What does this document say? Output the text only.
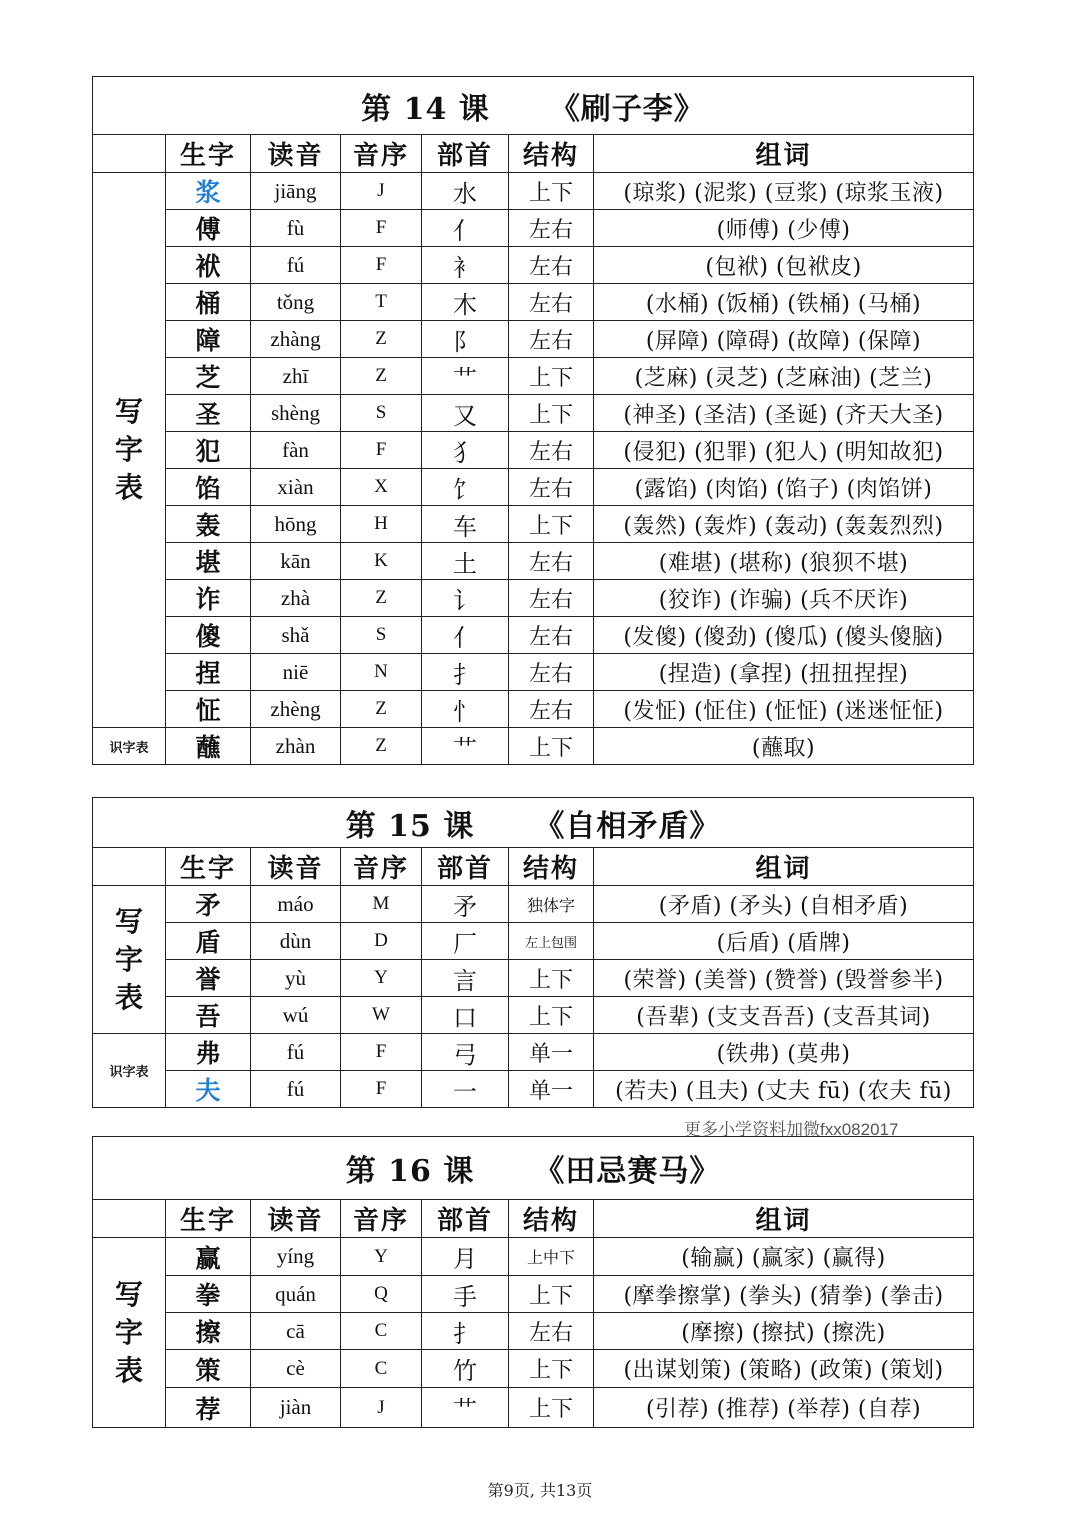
第 14 课 《刷子李》						
	生字	读音	音序	部首	结构	组词

写字表	浆	jiāng	J	水	上下	(琼浆) (泥浆) (豆浆) (琼浆玉液)
	傅	fù	F	亻	左右	(师傅) (少傅)
	袱	fú	F	衤	左右	(包袱) (包袱皮)
	桶	tǒng	T	木	左右	(水桶) (饭桶) (铁桶) (马桶)
	障	zhàng	Z	阝	左右	(屏障) (障碍) (故障) (保障)
	芝	zhī	Z	艹	上下	(芝麻) (灵芝) (芝麻油) (芝兰)
	圣	shèng	S	又	上下	(神圣) (圣洁) (圣诞) (齐天大圣)
	犯	fàn	F	犭	左右	(侵犯) (犯罪) (犯人) (明知故犯)
	馅	xiàn	X	饣	左右	(露馅) (肉馅) (馅子) (肉馅饼)
	轰	hōng	H	车	上下	(轰然) (轰炸) (轰动) (轰轰烈烈)
	堪	kān	K	土	左右	(难堪) (堪称) (狼狈不堪)
	诈	zhà	Z	讠	左右	(狡诈) (诈骗) (兵不厌诈)
	傻	shǎ	S	亻	左右	(发傻) (傻劲) (傻瓜) (傻头傻脑)
	捏	niē	N	扌	左右	(捏造) (拿捏) (扭扭捏捏)
	怔	zhèng	Z	忄	左右	(发怔) (怔住) (怔怔) (迷迷怔怔)
识字表	蘸	zhàn	Z	艹	上下	(蘸取)
第 15 课 《自相矛盾》						
	生字	读音	音序	部首	结构	组词

写字表	矛	máo	M	矛	独体字	(矛盾) (矛头) (自相矛盾)
	盾	dùn	D	厂	左上包围	(后盾) (盾牌)
	誉	yù	Y	言	上下	(荣誉) (美誉) (赞誉) (毁誉参半)
	吾	wú	W	口	上下	(吾辈) (支支吾吾) (支吾其词)
识字表	弗	fú	F	弓	单一	(铁弗) (莫弗)
	夫	fú	F	一	单一	(若夫) (且夫) (丈夫 fū) (农夫 fū)
更多小学资料加微fxx082017
第 16 课 《田忌赛马》						
	生字	读音	音序	部首	结构	组词

写字表	赢	yíng	Y	月	上中下	(输赢) (赢家) (赢得)
	拳	quán	Q	手	上下	(摩拳擦掌) (拳头) (猜拳) (拳击)
	擦	cā	C	扌	左右	(摩擦) (擦拭) (擦洗)
	策	cè	C	竹	上下	(出谋划策) (策略) (政策) (策划)
	荐	jiàn	J	艹	上下	(引荐) (推荐) (举荐) (自荐)
第9页, 共13页
